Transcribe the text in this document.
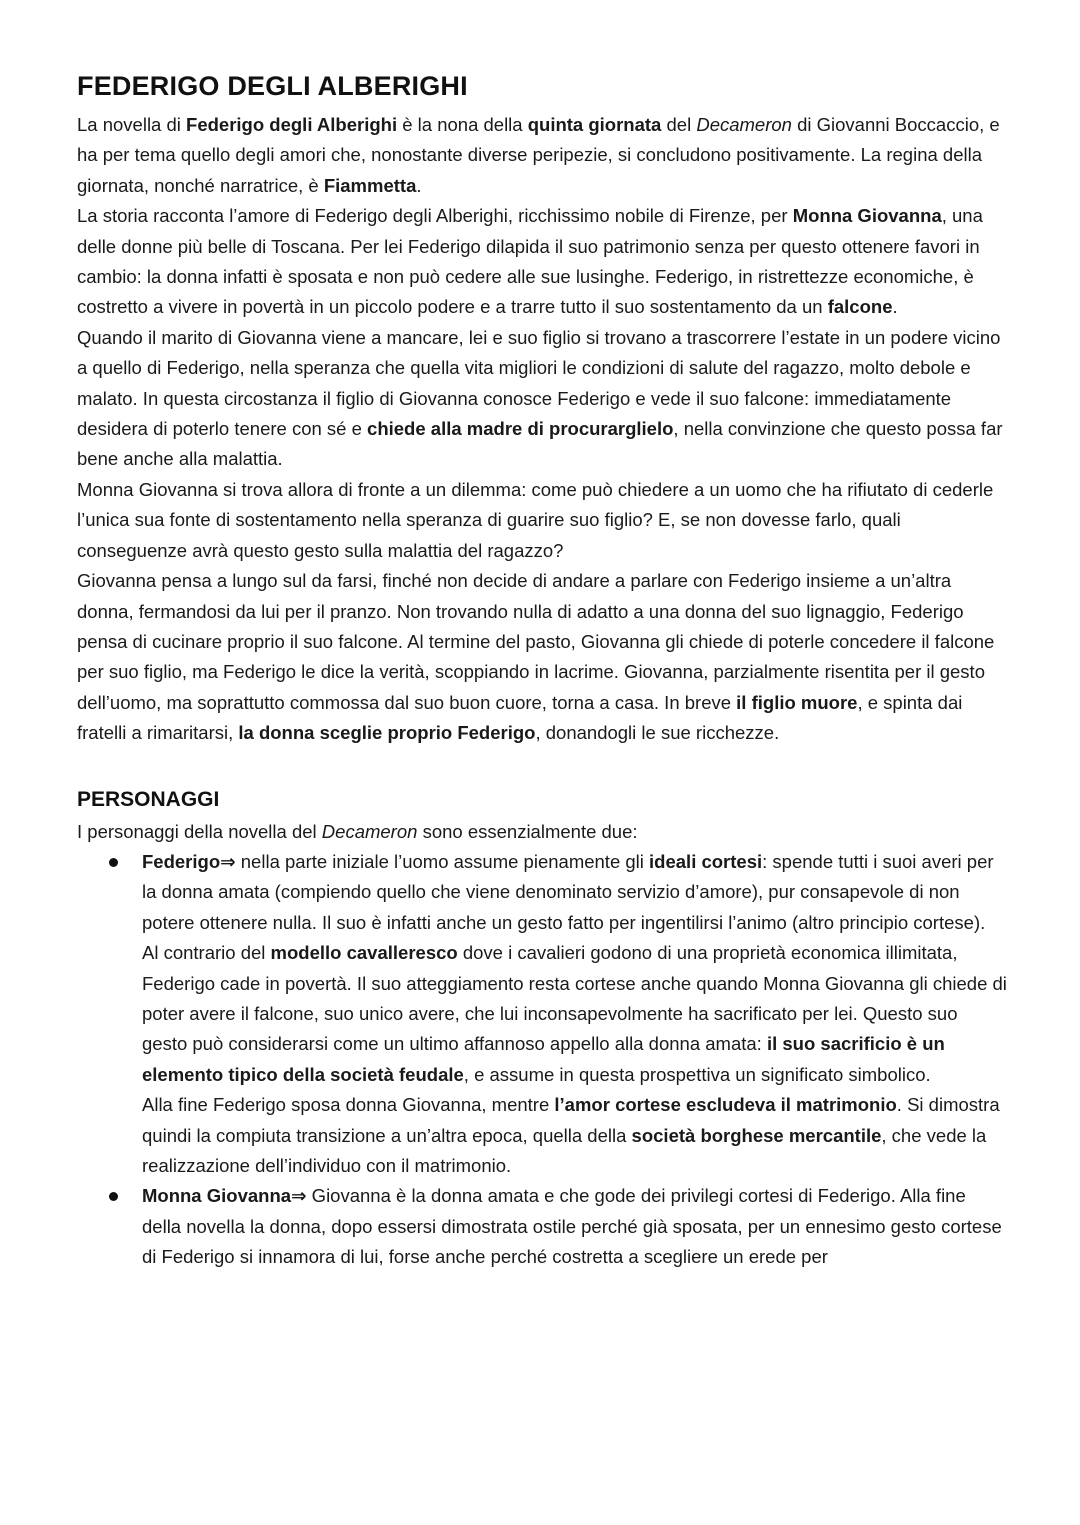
FEDERIGO DEGLI ALBERIGHI

La novella di Federigo degli Alberighi è la nona della quinta giornata del Decameron di Giovanni Boccaccio, e ha per tema quello degli amori che, nonostante diverse peripezie, si concludono positivamente. La regina della giornata, nonché narratrice, è Fiammetta.

La storia racconta l’amore di Federigo degli Alberighi, ricchissimo nobile di Firenze, per Monna Giovanna, una delle donne più belle di Toscana. Per lei Federigo dilapida il suo patrimonio senza per questo ottenere favori in cambio: la donna infatti è sposata e non può cedere alle sue lusinghe. Federigo, in ristrettezze economiche, è costretto a vivere in povertà in un piccolo podere e a trarre tutto il suo sostentamento da un falcone.

Quando il marito di Giovanna viene a mancare, lei e suo figlio si trovano a trascorrere l’estate in un podere vicino a quello di Federigo, nella speranza che quella vita migliori le condizioni di salute del ragazzo, molto debole e malato. In questa circostanza il figlio di Giovanna conosce Federigo e vede il suo falcone: immediatamente desidera di poterlo tenere con sé e chiede alla madre di procurarglielo, nella convinzione che questo possa far bene anche alla malattia.

Monna Giovanna si trova allora di fronte a un dilemma: come può chiedere a un uomo che ha rifiutato di cederle l’unica sua fonte di sostentamento nella speranza di guarire suo figlio? E, se non dovesse farlo, quali conseguenze avrà questo gesto sulla malattia del ragazzo?

Giovanna pensa a lungo sul da farsi, finché non decide di andare a parlare con Federigo insieme a un’altra donna, fermandosi da lui per il pranzo. Non trovando nulla di adatto a una donna del suo lignaggio, Federigo pensa di cucinare proprio il suo falcone. Al termine del pasto, Giovanna gli chiede di poterle concedere il falcone per suo figlio, ma Federigo le dice la verità, scoppiando in lacrime. Giovanna, parzialmente risentita per il gesto dell’uomo, ma soprattutto commossa dal suo buon cuore, torna a casa. In breve il figlio muore, e spinta dai fratelli a rimaritarsi, la donna sceglie proprio Federigo, donandogli le sue ricchezze.

PERSONAGGI

I personaggi della novella del Decameron sono essenzialmente due:

Federigo⇒ nella parte iniziale l’uomo assume pienamente gli ideali cortesi: spende tutti i suoi averi per la donna amata (compiendo quello che viene denominato servizio d’amore), pur consapevole di non potere ottenere nulla. Il suo è infatti anche un gesto fatto per ingentilirsi l’animo (altro principio cortese).

Al contrario del modello cavalleresco dove i cavalieri godono di una proprietà economica illimitata, Federigo cade in povertà. Il suo atteggiamento resta cortese anche quando Monna Giovanna gli chiede di poter avere il falcone, suo unico avere, che lui inconsapevolmente ha sacrificato per lei. Questo suo gesto può considerarsi come un ultimo affannoso appello alla donna amata: il suo sacrificio è un elemento tipico della società feudale, e assume in questa prospettiva un significato simbolico.

Alla fine Federigo sposa donna Giovanna, mentre l’amor cortese escludeva il matrimonio. Si dimostra quindi la compiuta transizione a un’altra epoca, quella della società borghese mercantile, che vede la realizzazione dell’individuo con il matrimonio.

Monna Giovanna⇒ Giovanna è la donna amata e che gode dei privilegi cortesi di Federigo. Alla fine della novella la donna, dopo essersi dimostrata ostile perché già sposata, per un ennesimo gesto cortese di Federigo si innamora di lui, forse anche perché costretta a scegliere un erede per
